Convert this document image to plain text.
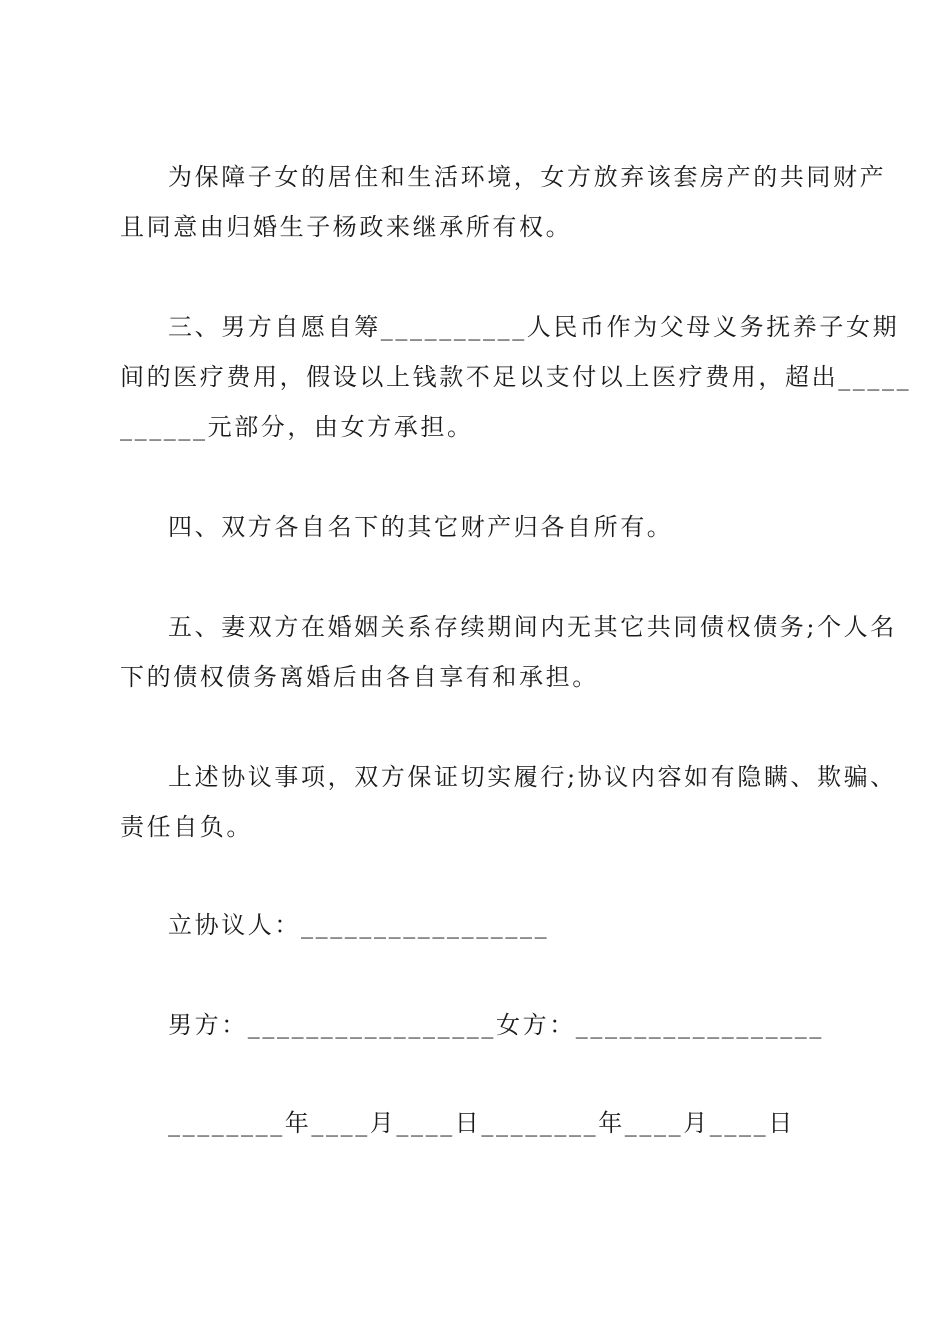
为保障子女的居住和生活环境，女方放弃该套房产的共同财产
且同意由归婚生子杨政来继承所有权。
三、男方自愿自筹__________人民币作为父母义务抚养子女期
间的医疗费用，假设以上钱款不足以支付以上医疗费用，超出_____
______元部分，由女方承担。
四、双方各自名下的其它财产归各自所有。
五、妻双方在婚姻关系存续期间内无其它共同债权债务;个人名
下的债权债务离婚后由各自享有和承担。
上述协议事项，双方保证切实履行;协议内容如有隐瞒、欺骗、
责任自负。
立协议人：_________________
男方：_________________女方：_________________
________年____月____日________年____月____日
